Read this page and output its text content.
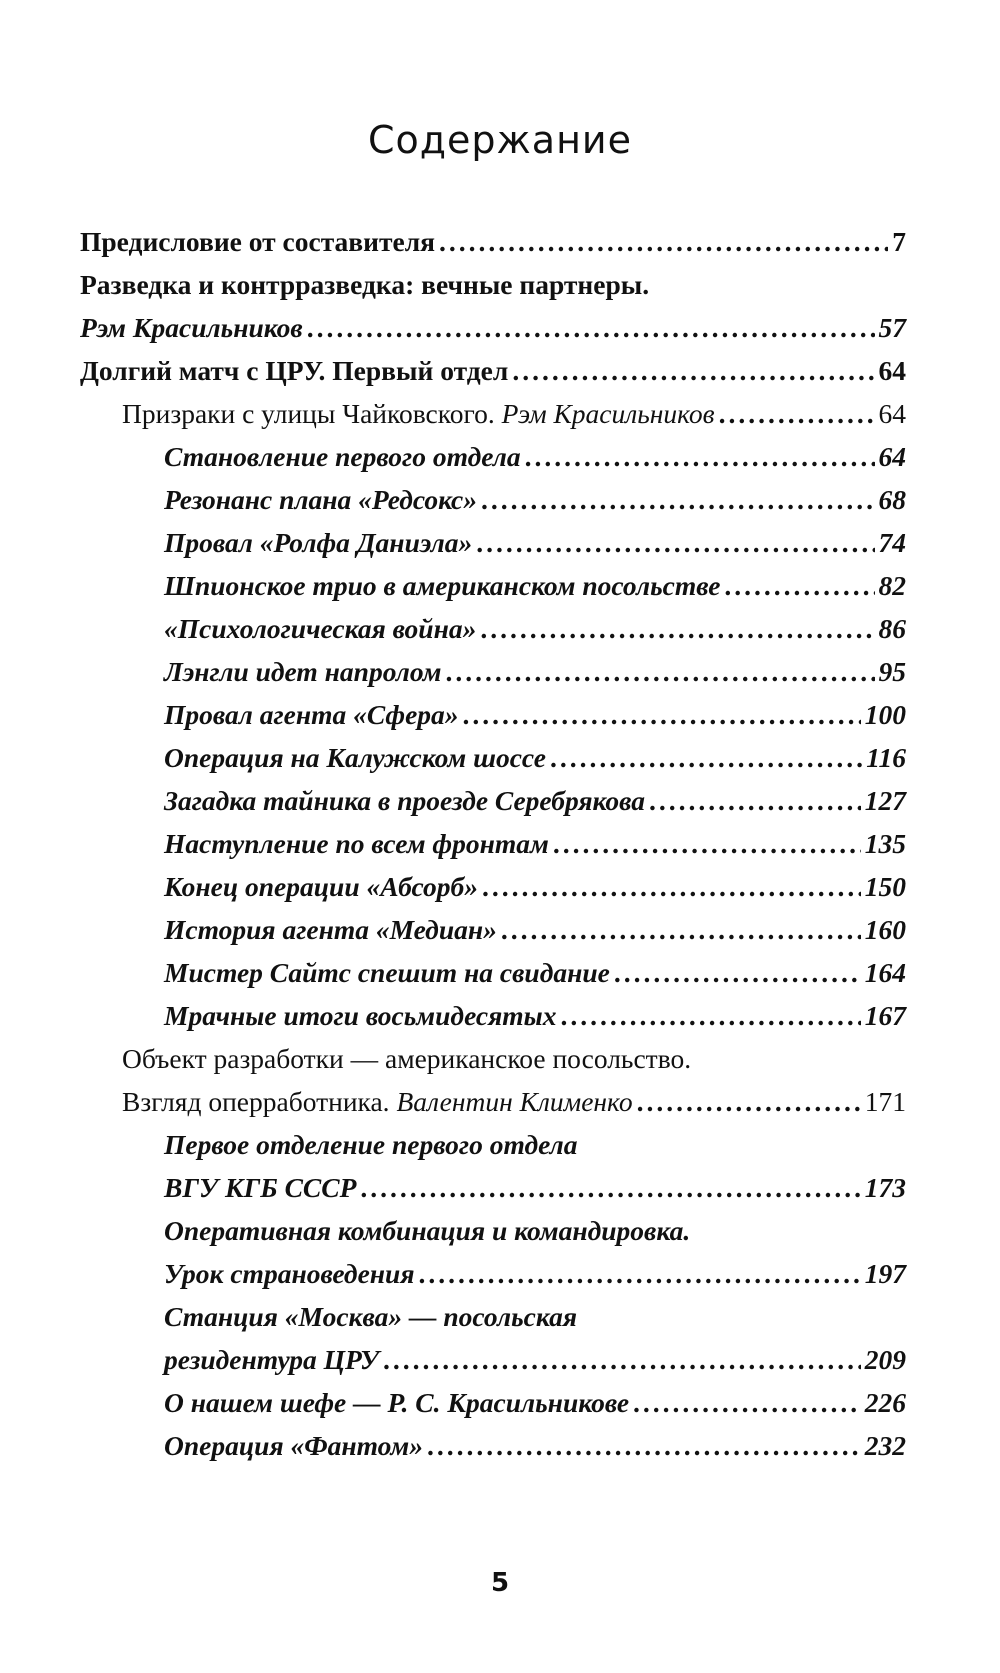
Содержание
Предисловие от составителя .....	7
Разведка и контрразведка: вечные партнеры.
Рэм Красильников .....	57
Долгий матч с ЦРУ. Первый отдел .....	64
Призраки с улицы Чайковского. Рэм Красильников .....	64
Становление первого отдела .....	64
Резонанс плана «Редсокс» .....	68
Провал «Ролфа Даниэла» .....	74
Шпионское трио в американском посольстве .....	82
«Психологическая война» .....	86
Лэнгли идет напролом .....	95
Провал агента «Сфера» .....	100
Операция на Калужском шоссе .....	116
Загадка тайника в проезде Серебрякова .....	127
Наступление по всем фронтам .....	135
Конец операции «Абсорб» .....	150
История агента «Медиан» .....	160
Мистер Сайтс спешит на свидание .....	164
Мрачные итоги восьмидесятых .....	167
Объект разработки — американское посольство.
Взгляд оперработника. Валентин Клименко .....	171
Первое отделение первого отдела
ВГУ КГБ СССР .....	173
Оперативная комбинация и командировка.
Урок страноведения .....	197
Станция «Москва» — посольская
резидентура ЦРУ .....	209
О нашем шефе — Р. С. Красильникове .....	226
Операция «Фантом» .....	232
5
